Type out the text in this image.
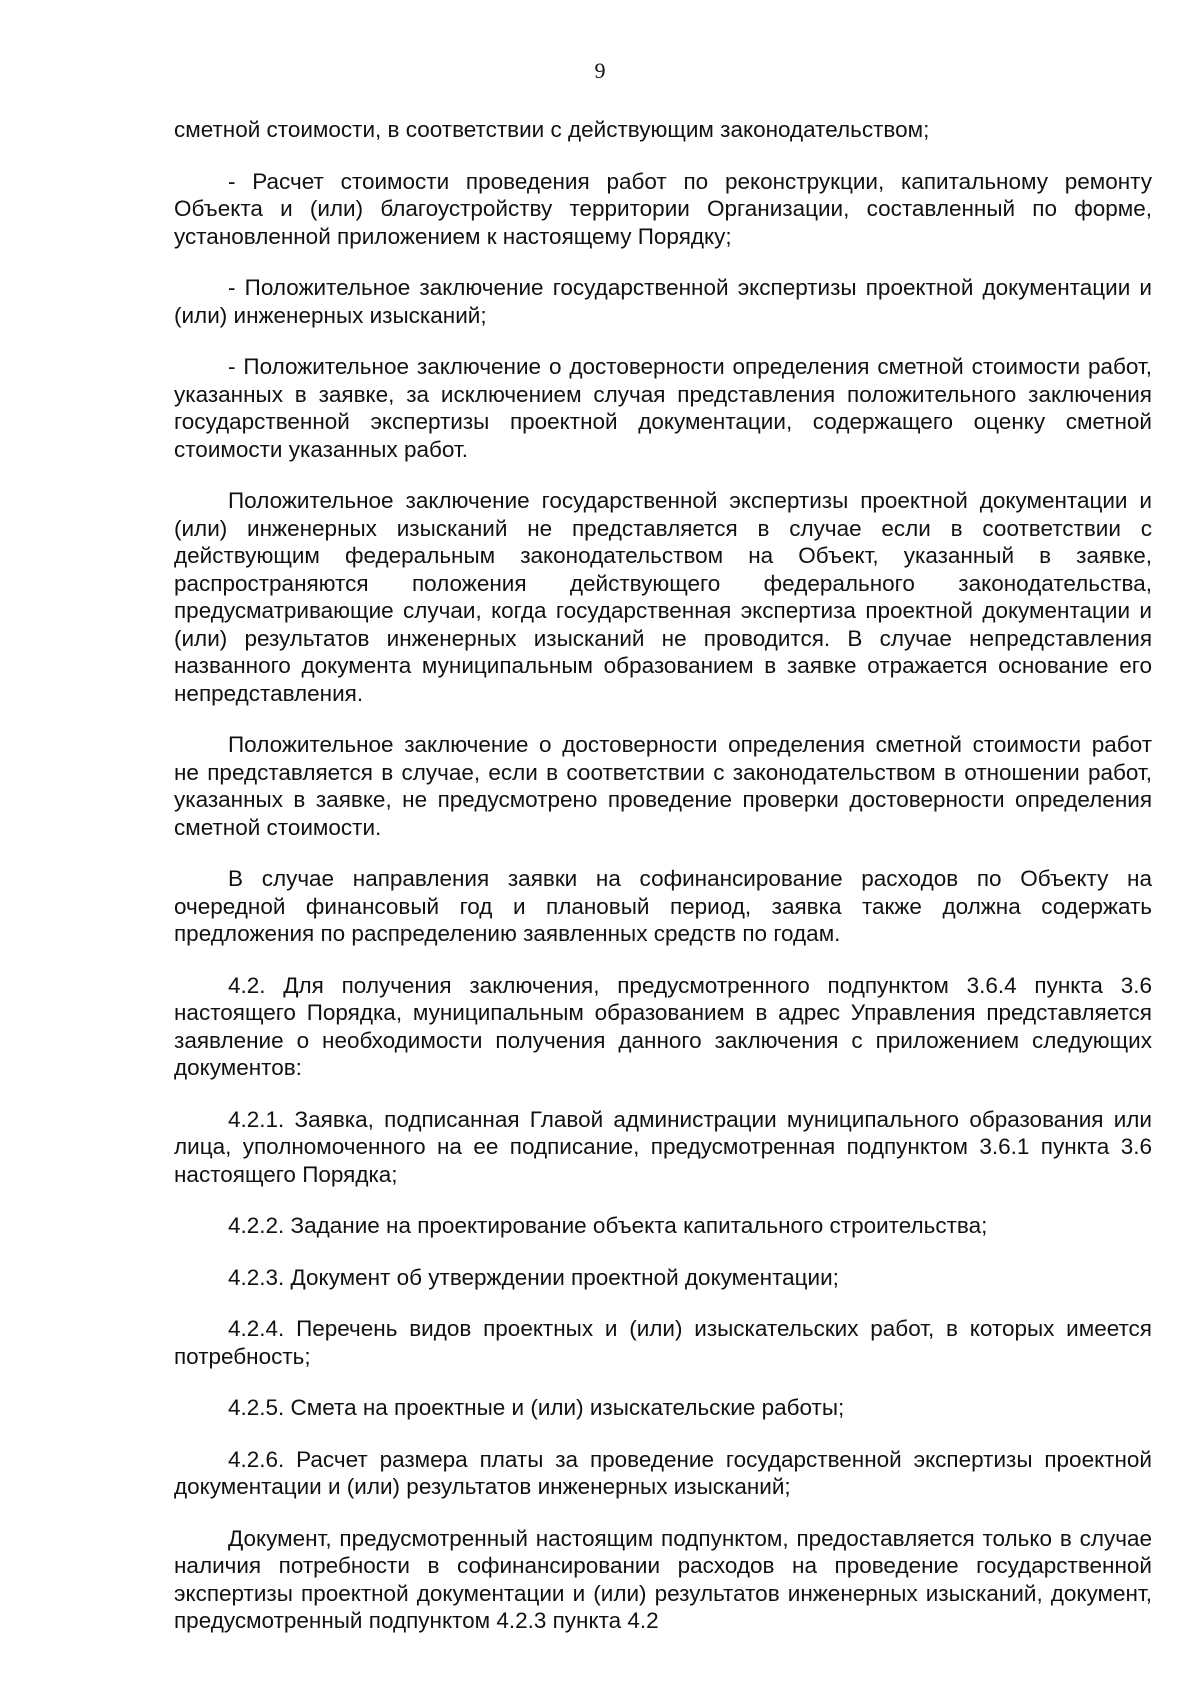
9

сметной стоимости, в соответствии с действующим законодательством;

- Расчет стоимости проведения работ по реконструкции, капитальному ремонту Объекта и (или) благоустройству территории Организации, составленный по форме, установленной приложением к настоящему Порядку;

- Положительное заключение государственной экспертизы проектной документации и (или) инженерных изысканий;

- Положительное заключение о достоверности определения сметной стоимости работ, указанных в заявке, за исключением случая представления положительного заключения государственной экспертизы проектной документации, содержащего оценку сметной стоимости указанных работ.

Положительное заключение государственной экспертизы проектной документации и (или) инженерных изысканий не представляется в случае если в соответствии с действующим федеральным законодательством на Объект, указанный в заявке, распространяются положения действующего федерального законодательства, предусматривающие случаи, когда государственная экспертиза проектной документации и (или) результатов инженерных изысканий не проводится. В случае непредставления названного документа муниципальным образованием в заявке отражается основание его непредставления.

Положительное заключение о достоверности определения сметной стоимости работ не представляется в случае, если в соответствии с законодательством в отношении работ, указанных в заявке, не предусмотрено проведение проверки достоверности определения сметной стоимости.

В случае направления заявки на софинансирование расходов по Объекту на очередной финансовый год и плановый период, заявка также должна содержать предложения по распределению заявленных средств по годам.

4.2. Для получения заключения, предусмотренного подпунктом 3.6.4 пункта 3.6 настоящего Порядка, муниципальным образованием в адрес Управления представляется заявление о необходимости получения данного заключения с приложением следующих документов:

4.2.1. Заявка, подписанная Главой администрации муниципального образования или лица, уполномоченного на ее подписание, предусмотренная подпунктом 3.6.1 пункта 3.6 настоящего Порядка;

4.2.2. Задание на проектирование объекта капитального строительства;

4.2.3. Документ об утверждении проектной документации;

4.2.4. Перечень видов проектных и (или) изыскательских работ, в которых имеется потребность;

4.2.5. Смета на проектные и (или) изыскательские работы;

4.2.6. Расчет размера платы за проведение государственной экспертизы проектной документации и (или) результатов инженерных изысканий;

Документ, предусмотренный настоящим подпунктом, предоставляется только в случае наличия потребности в софинансировании расходов на проведение государственной экспертизы проектной документации и (или) результатов инженерных изысканий, документ, предусмотренный подпунктом 4.2.3 пункта 4.2
